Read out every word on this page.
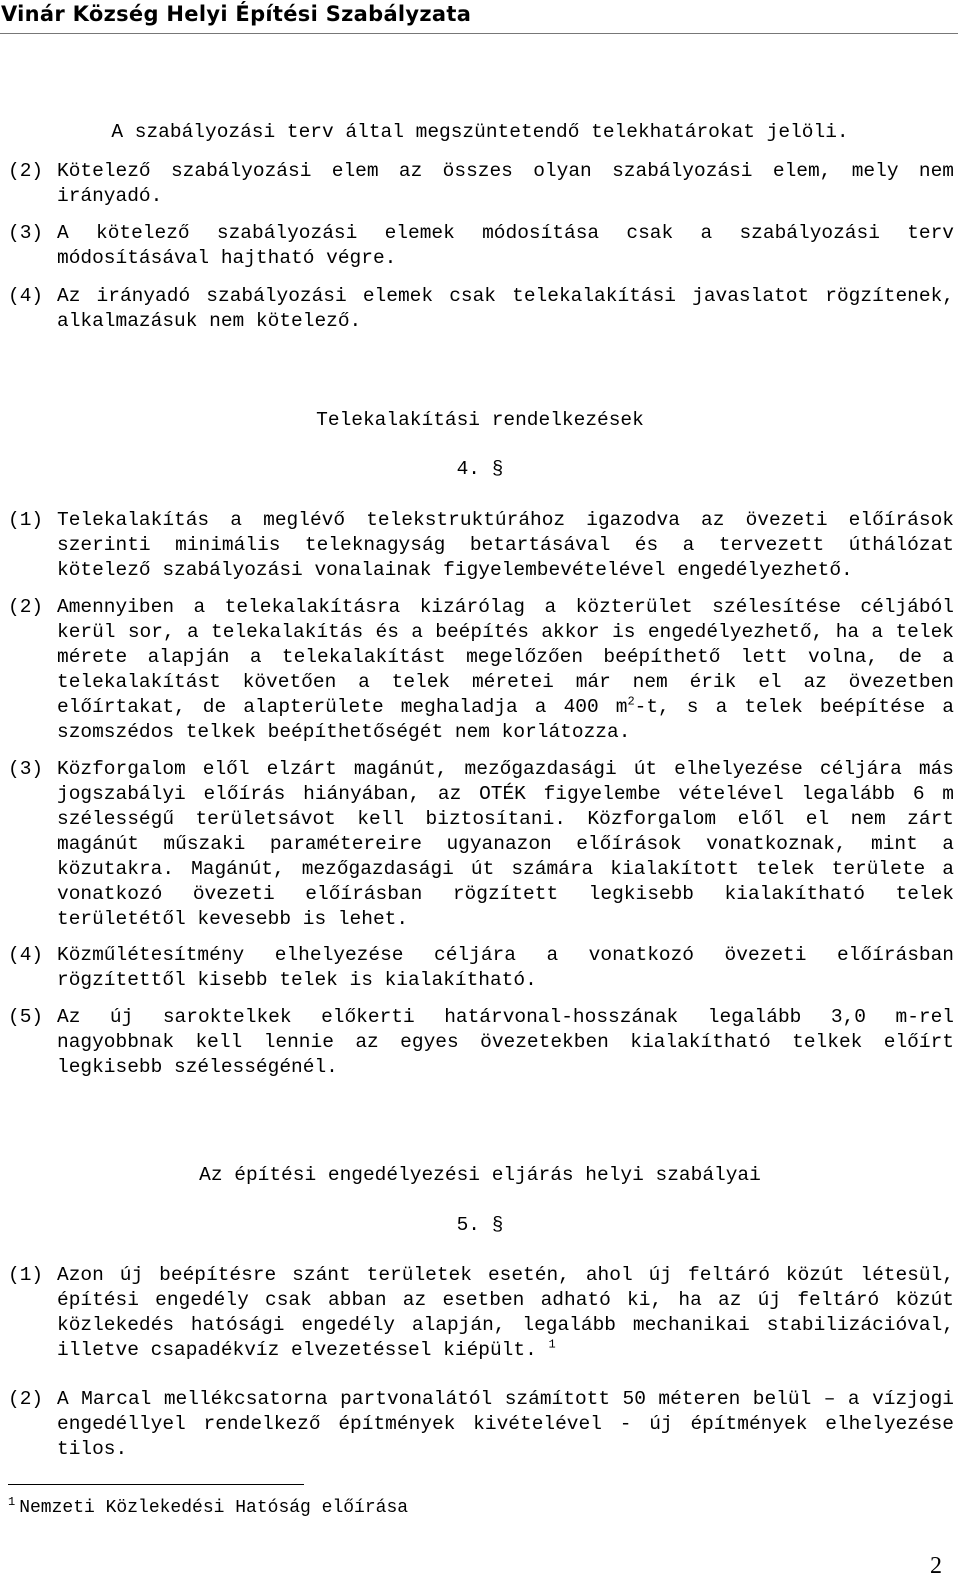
Vinár Község Helyi Építési Szabályzata
A szabályozási terv által megszüntetendő telekhatárokat jelöli.
(2) Kötelező szabályozási elem az összes olyan szabályozási elem, mely nem irányadó.
(3) A kötelező szabályozási elemek módosítása csak a szabályozási terv módosításával hajtható végre.
(4) Az irányadó szabályozási elemek csak telekalakítási javaslatot rögzítenek, alkalmazásuk nem kötelező.
Telekalakítási rendelkezések
4. §
(1) Telekalakítás a meglévő telekstruktúrához igazodva az övezeti előírások szerinti minimális teleknagyság betartásával és a tervezett úthálózat kötelező szabályozási vonalainak figyelembevételével engedélyezhető.
(2) Amennyiben a telekalakításra kizárólag a közterület szélesítése céljából kerül sor, a telekalakítás és a beépítés akkor is engedélyezhető, ha a telek mérete alapján a telekalakítást megelőzően beépíthető lett volna, de a telekalakítást követően a telek méretei már nem érik el az övezetben előírtakat, de alapterülete meghaladja a 400 $m^2-t$, s a telek beépítése a szomszédos telkek beépíthetőségét nem korlátozza.
(3) Közforgalom elől elzárt magánút, mezőgazdasági út elhelyezése céljára más jogszabályi előírás hiányában, az OTÉK figyelembe vételével legalább 6 m szélességű területsávot kell biztosítani. Közforgalom elől el nem zárt magánút műszaki paramétereire ugyanazon előírások vonatkoznak, mint a közutakra. Magánút, mezőgazdasági út számára kialakított telek területe a vonatkozó övezeti előírásban rögzített legkisebb kialakítható telek területétől kevesebb is lehet.
(4) Közműlétesítmény elhelyezése céljára a vonatkozó övezeti előírásban rögzítettől kisebb telek is kialakítható.
(5) Az új saroktelkek előkerti határvonal-hosszának legalább 3,0 m-rel nagyobbnak kell lennie az egyes övezetekben kialakítható telkek előírt legkisebb szélességénél.
Az építési engedélyezési eljárás helyi szabályai
5. §
(1) Azon új beépítésre szánt területek esetén, ahol új feltáró közút létesül, építési engedély csak abban az esetben adható ki, ha az új feltáró közút közlekedés hatósági engedély alapján, legalább mechanikai stabilizációval, illetve csapadékvíz elvezetéssel kiépült. $^1$
(2) A Marcal mellékcsatorna partvonalától számított 50 méteren belül – a vízjogi engedéllyel rendelkező építmények kivételével - új építmények elhelyezése tilos.
$^1$ Nemzeti Közlekedési Hatóság előírása
2
